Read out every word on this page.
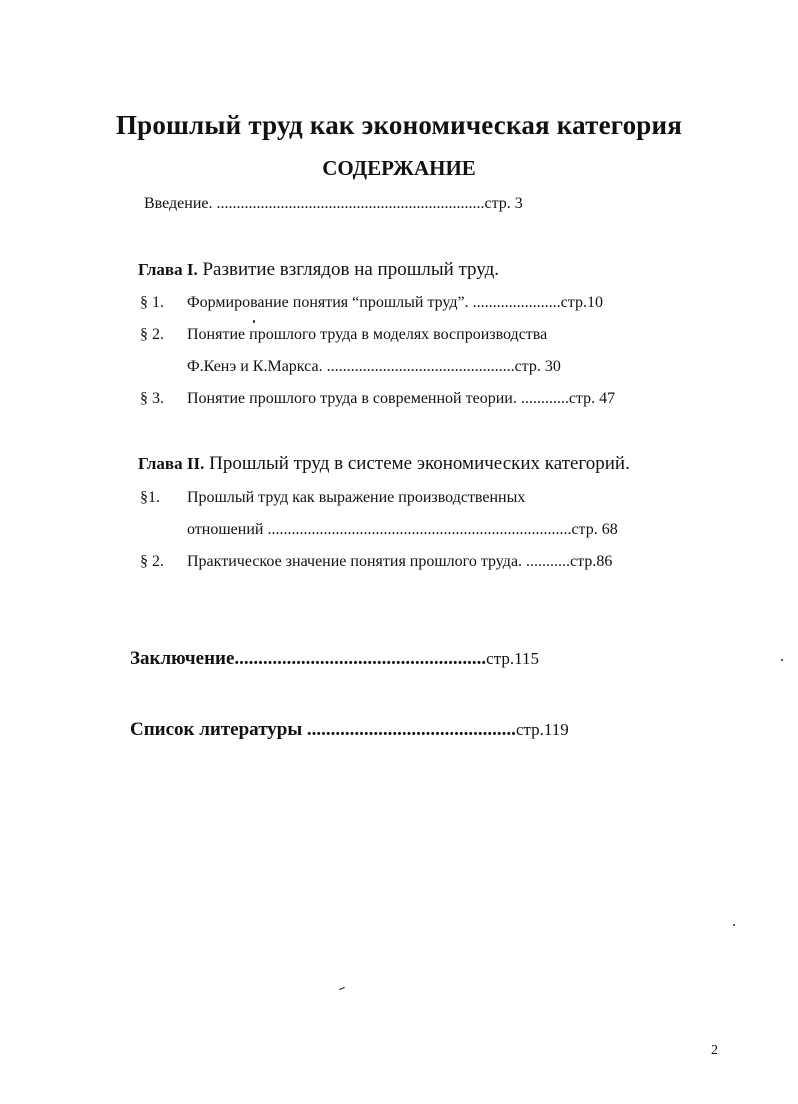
Прошлый труд как экономическая категория
СОДЕРЖАНИЕ
Введение. ...................................................................стр. 3
Глава I. Развитие взглядов на прошлый труд.
§ 1. Формирование понятия “прошлый труд”. ......................стр.10
§ 2. Понятие прошлого труда в моделях воспроизводства
Ф.Кенэ и К.Маркса. ...............................................стр. 30
§ 3. Понятие прошлого труда в современной теории. ............стр. 47
Глава II. Прошлый труд в системе экономических категорий.
§1. Прошлый труд как выражение производственных
отношений ............................................................................стр. 68
§ 2. Практическое значение понятия прошлого труда. ...........стр.86
Заключение.....................................................стр.115
Список литературы ............................................стр.119
2
